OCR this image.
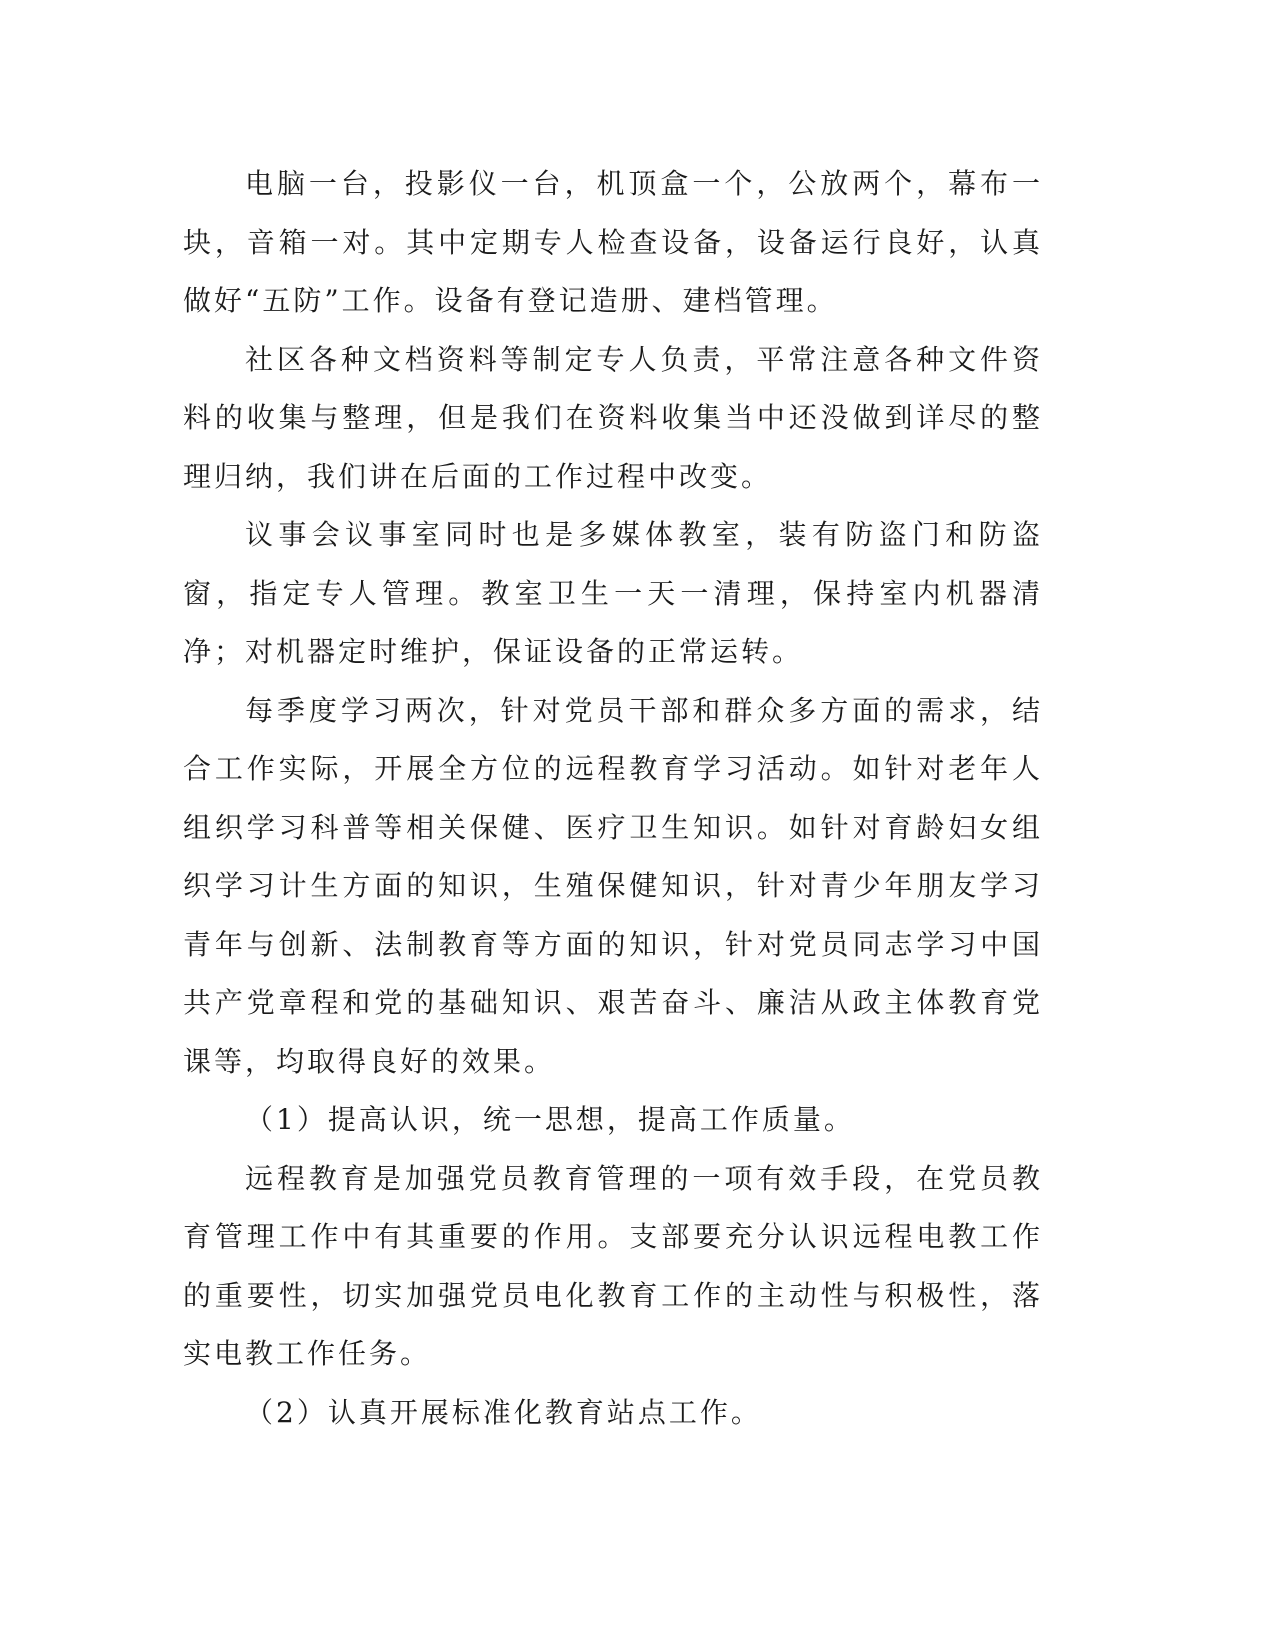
电脑一台，投影仪一台，机顶盒一个，公放两个，幕布一块，音箱一对。其中定期专人检查设备，设备运行良好，认真做好“五防”工作。设备有登记造册、建档管理。

社区各种文档资料等制定专人负责，平常注意各种文件资料的收集与整理，但是我们在资料收集当中还没做到详尽的整理归纳，我们讲在后面的工作过程中改变。

议事会议事室同时也是多媒体教室，装有防盗门和防盗窗，指定专人管理。教室卫生一天一清理，保持室内机器清净；对机器定时维护，保证设备的正常运转。

每季度学习两次，针对党员干部和群众多方面的需求，结合工作实际，开展全方位的远程教育学习活动。如针对老年人组织学习科普等相关保健、医疗卫生知识。如针对育龄妇女组织学习计生方面的知识，生殖保健知识，针对青少年朋友学习青年与创新、法制教育等方面的知识，针对党员同志学习中国共产党章程和党的基础知识、艰苦奋斗、廉洁从政主体教育党课等，均取得良好的效果。

（1）提高认识，统一思想，提高工作质量。

远程教育是加强党员教育管理的一项有效手段，在党员教育管理工作中有其重要的作用。支部要充分认识远程电教工作的重要性，切实加强党员电化教育工作的主动性与积极性，落实电教工作任务。

（2）认真开展标准化教育站点工作。
